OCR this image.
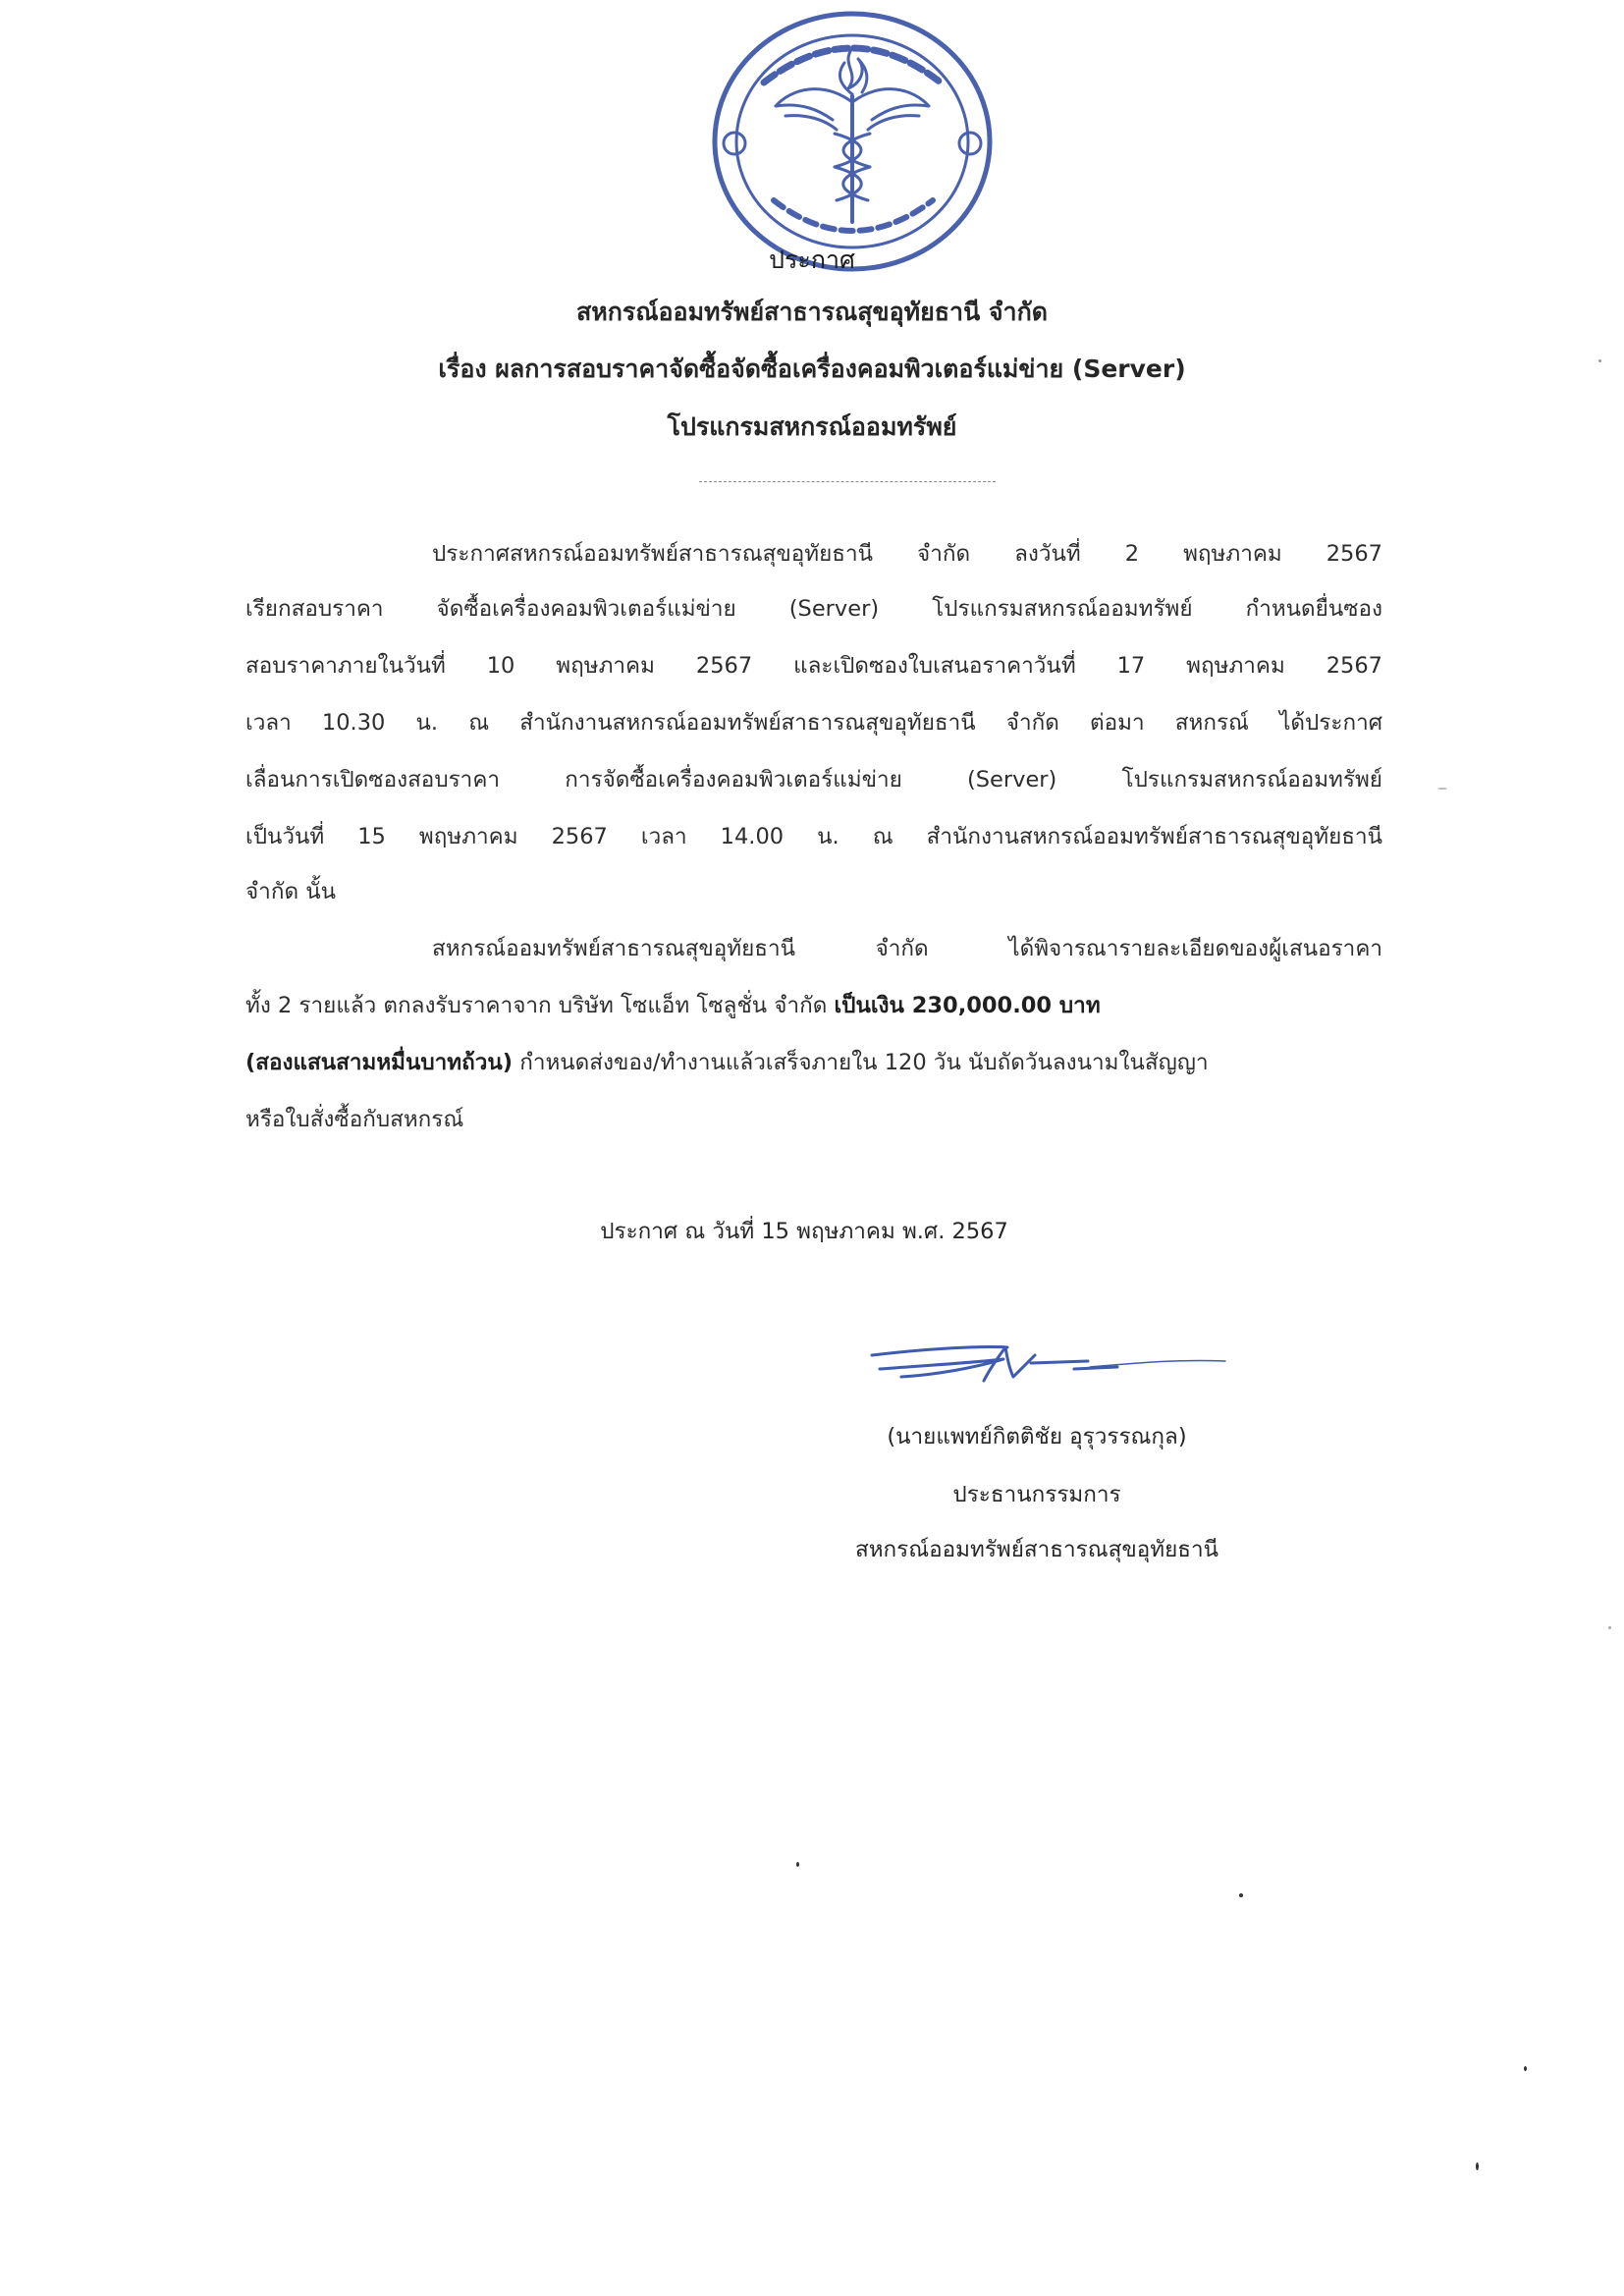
ประกาศ
สหกรณ์ออมทรัพย์สาธารณสุขอุทัยธานี จำกัด
เรื่อง ผลการสอบราคาจัดซื้อจัดซื้อเครื่องคอมพิวเตอร์แม่ข่าย (Server)
โปรแกรมสหกรณ์ออมทรัพย์
ประกาศสหกรณ์ออมทรัพย์สาธารณสุขอุทัยธานี จำกัด ลงวันที่ 2 พฤษภาคม 2567
เรียกสอบราคา จัดซื้อเครื่องคอมพิวเตอร์แม่ข่าย (Server) โปรแกรมสหกรณ์ออมทรัพย์ กำหนดยื่นซอง
สอบราคาภายในวันที่ 10 พฤษภาคม 2567 และเปิดซองใบเสนอราคาวันที่ 17 พฤษภาคม 2567
เวลา 10.30 น. ณ สำนักงานสหกรณ์ออมทรัพย์สาธารณสุขอุทัยธานี จำกัด ต่อมา สหกรณ์ ได้ประกาศ
เลื่อนการเปิดซองสอบราคา การจัดซื้อเครื่องคอมพิวเตอร์แม่ข่าย (Server) โปรแกรมสหกรณ์ออมทรัพย์
เป็นวันที่ 15 พฤษภาคม 2567 เวลา 14.00 น. ณ สำนักงานสหกรณ์ออมทรัพย์สาธารณสุขอุทัยธานี
จำกัด นั้น
สหกรณ์ออมทรัพย์สาธารณสุขอุทัยธานี จำกัด ได้พิจารณารายละเอียดของผู้เสนอราคา
ทั้ง 2 รายแล้ว ตกลงรับราคาจาก บริษัท โซแอ็ท โซลูชั่น จำกัด เป็นเงิน 230,000.00 บาท
(สองแสนสามหมื่นบาทถ้วน) กำหนดส่งของ/ทำงานแล้วเสร็จภายใน 120 วัน นับถัดวันลงนามในสัญญา
หรือใบสั่งซื้อกับสหกรณ์
ประกาศ ณ วันที่ 15 พฤษภาคม พ.ศ. 2567
(นายแพทย์กิตติชัย อุรุวรรณกุล)
ประธานกรรมการ
สหกรณ์ออมทรัพย์สาธารณสุขอุทัยธานี
